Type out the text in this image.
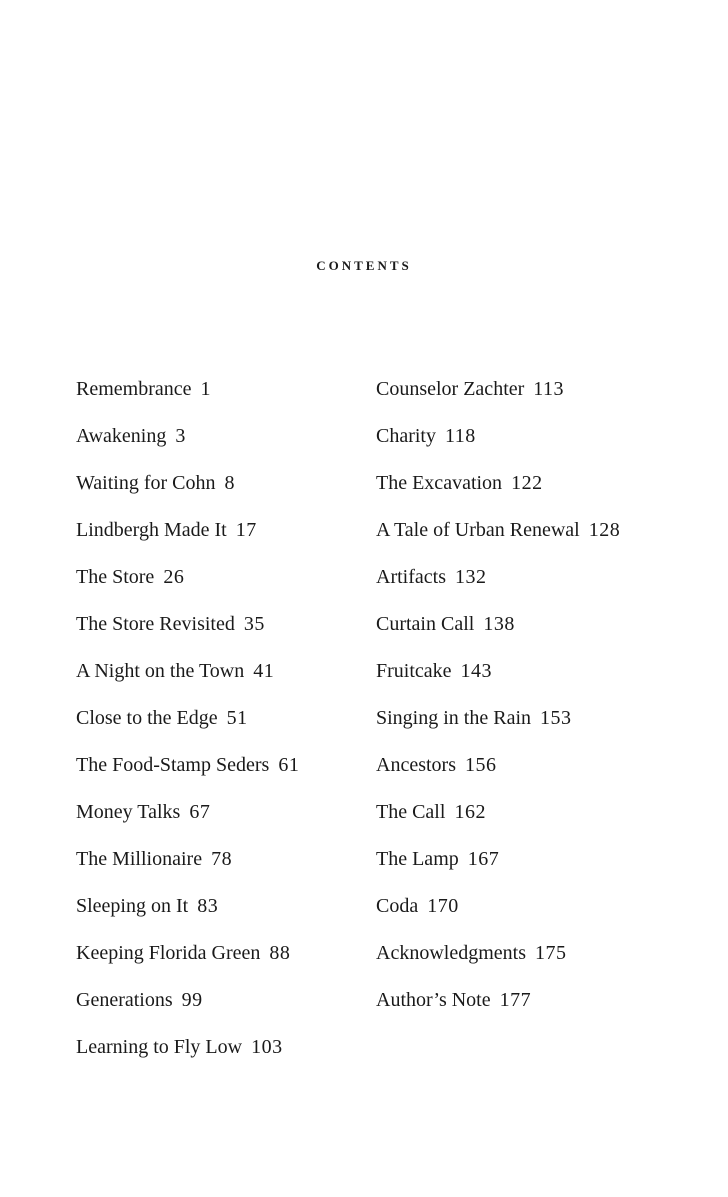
contents
Remembrance 1
Awakening 3
Waiting for Cohn 8
Lindbergh Made It 17
The Store 26
The Store Revisited 35
A Night on the Town 41
Close to the Edge 51
The Food-Stamp Seders 61
Money Talks 67
The Millionaire 78
Sleeping on It 83
Keeping Florida Green 88
Generations 99
Learning to Fly Low 103
Counselor Zachter 113
Charity 118
The Excavation 122
A Tale of Urban Renewal 128
Artifacts 132
Curtain Call 138
Fruitcake 143
Singing in the Rain 153
Ancestors 156
The Call 162
The Lamp 167
Coda 170
Acknowledgments 175
Author’s Note 177
